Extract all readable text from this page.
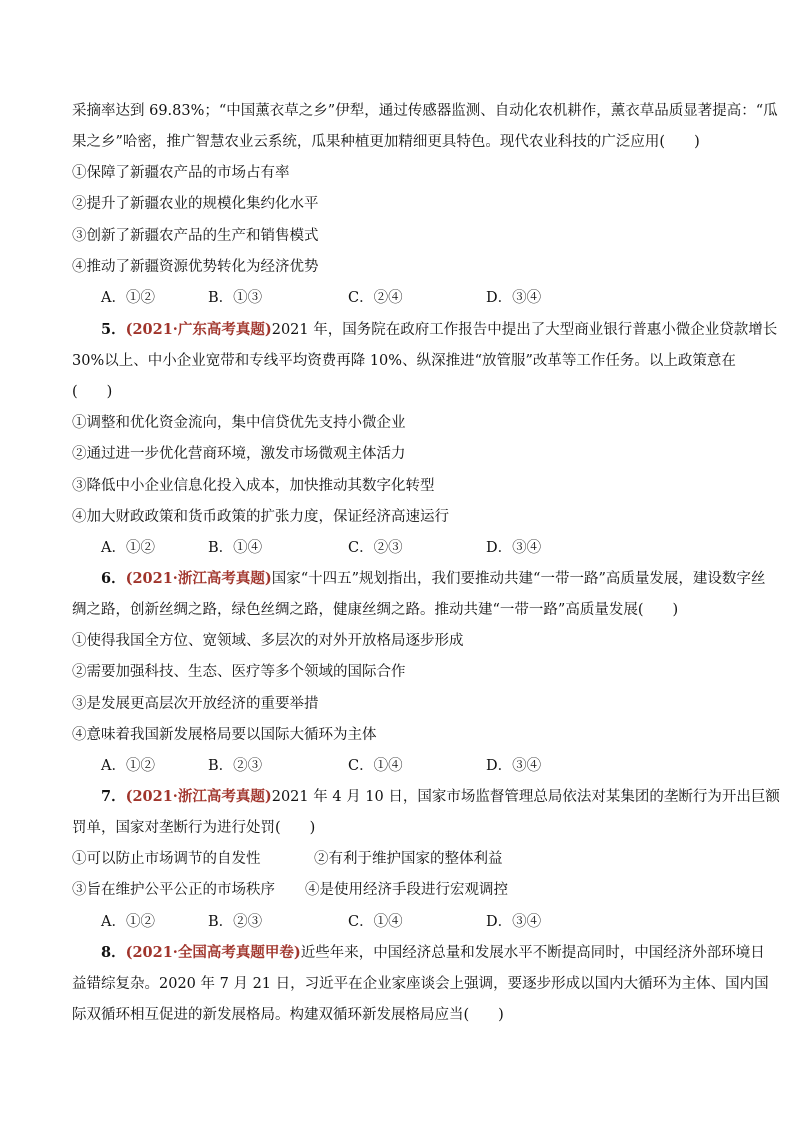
采摘率达到 69.83%；“中国薰衣草之乡”伊犁，通过传感器监测、自动化农机耕作，薰衣草品质显著提高：“瓜
果之乡”哈密，推广智慧农业云系统，瓜果种植更加精细更具特色。现代农业科技的广泛应用(　　)
①保障了新疆农产品的市场占有率
②提升了新疆农业的规模化集约化水平
③创新了新疆农产品的生产和销售模式
④推动了新疆资源优势转化为经济优势
A．①②	B．①③	C．②④	D．③④
5．(2021·广东高考真题)2021 年，国务院在政府工作报告中提出了大型商业银行普惠小微企业贷款增长
30%以上、中小企业宽带和专线平均资费再降 10%、纵深推进“放管服”改革等工作任务。以上政策意在
(　　)
①调整和优化资金流向，集中信贷优先支持小微企业
②通过进一步优化营商环境，激发市场微观主体活力
③降低中小企业信息化投入成本，加快推动其数字化转型
④加大财政政策和货币政策的扩张力度，保证经济高速运行
A．①②	B．①④	C．②③	D．③④
6．(2021·浙江高考真题)国家“十四五”规划指出，我们要推动共建“一带一路”高质量发展，建设数字丝
绸之路，创新丝绸之路，绿色丝绸之路，健康丝绸之路。推动共建“一带一路”高质量发展(　　)
①使得我国全方位、宽领域、多层次的对外开放格局逐步形成
②需要加强科技、生态、医疗等多个领域的国际合作
③是发展更高层次开放经济的重要举措
④意味着我国新发展格局要以国际大循环为主体
A．①②	B．②③	C．①④	D．③④
7．(2021·浙江高考真题)2021 年 4 月 10 日，国家市场监督管理总局依法对某集团的垄断行为开出巨额
罚单，国家对垄断行为进行处罚(　　)
①可以防止市场调节的自发性	②有利于维护国家的整体利益
③旨在维护公平公正的市场秩序 ④是使用经济手段进行宏观调控
A．①②	B．②③	C．①④	D．③④
8．(2021·全国高考真题甲卷)近些年来，中国经济总量和发展水平不断提高同时，中国经济外部环境日
益错综复杂。2020 年 7 月 21 日，习近平在企业家座谈会上强调，要逐步形成以国内大循环为主体、国内国
际双循环相互促进的新发展格局。构建双循环新发展格局应当(　　)
